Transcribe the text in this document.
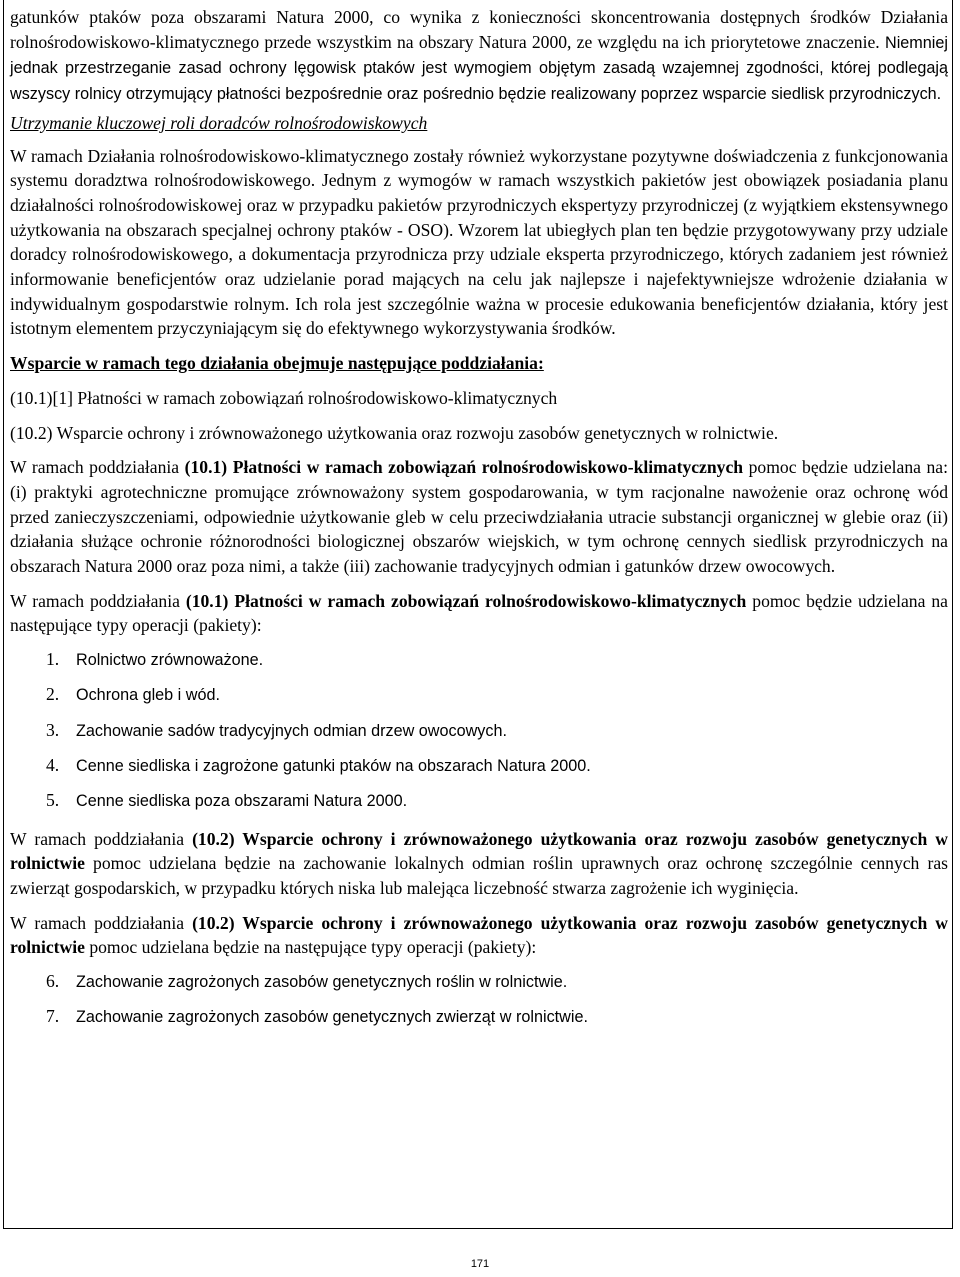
gatunków ptaków poza obszarami Natura 2000, co wynika z konieczności skoncentrowania dostępnych środków Działania rolnośrodowiskowo-klimatycznego przede wszystkim na obszary Natura 2000, ze względu na ich priorytetowe znaczenie. Niemniej jednak przestrzeganie zasad ochrony lęgowisk ptaków jest wymogiem objętym zasadą wzajemnej zgodności, której podlegają wszyscy rolnicy otrzymujący płatności bezpośrednie oraz pośrednio będzie realizowany poprzez wsparcie siedlisk przyrodniczych.

Utrzymanie kluczowej roli doradców rolnośrodowiskowych

W ramach Działania rolnośrodowiskowo-klimatycznego zostały również wykorzystane pozytywne doświadczenia z funkcjonowania systemu doradztwa rolnośrodowiskowego. Jednym z wymogów w ramach wszystkich pakietów jest obowiązek posiadania planu działalności rolnośrodowiskowej oraz w przypadku pakietów przyrodniczych ekspertyzy przyrodniczej (z wyjątkiem ekstensywnego użytkowania na obszarach specjalnej ochrony ptaków - OSO). Wzorem lat ubiegłych plan ten będzie przygotowywany przy udziale doradcy rolnośrodowiskowego, a dokumentacja przyrodnicza przy udziale eksperta przyrodniczego, których zadaniem jest również informowanie beneficjentów oraz udzielanie porad mających na celu jak najlepsze i najefektywniejsze wdrożenie działania w indywidualnym gospodarstwie rolnym. Ich rola jest szczególnie ważna w procesie edukowania beneficjentów działania, który jest istotnym elementem przyczyniającym się do efektywnego wykorzystywania środków.

Wsparcie w ramach tego działania obejmuje następujące poddziałania:

(10.1)[1] Płatności w ramach zobowiązań rolnośrodowiskowo-klimatycznych

(10.2) Wsparcie ochrony i zrównoważonego użytkowania oraz rozwoju zasobów genetycznych w rolnictwie.

W ramach poddziałania (10.1) Płatności w ramach zobowiązań rolnośrodowiskowo-klimatycznych pomoc będzie udzielana na: (i) praktyki agrotechniczne promujące zrównoważony system gospodarowania, w tym racjonalne nawożenie oraz ochronę wód przed zanieczyszczeniami, odpowiednie użytkowanie gleb w celu przeciwdziałania utracie substancji organicznej w glebie oraz (ii) działania służące ochronie różnorodności biologicznej obszarów wiejskich, w tym ochronę cennych siedlisk przyrodniczych na obszarach Natura 2000 oraz poza nimi, a także (iii) zachowanie tradycyjnych odmian i gatunków drzew owocowych.

W ramach poddziałania (10.1) Płatności w ramach zobowiązań rolnośrodowiskowo-klimatycznych pomoc będzie udzielana na następujące typy operacji (pakiety):

1. Rolnictwo zrównoważone.
2. Ochrona gleb i wód.
3. Zachowanie sadów tradycyjnych odmian drzew owocowych.
4. Cenne siedliska i zagrożone gatunki ptaków na obszarach Natura 2000.
5. Cenne siedliska poza obszarami Natura 2000.

W ramach poddziałania (10.2) Wsparcie ochrony i zrównoważonego użytkowania oraz rozwoju zasobów genetycznych w rolnictwie pomoc udzielana będzie na zachowanie lokalnych odmian roślin uprawnych oraz ochronę szczególnie cennych ras zwierząt gospodarskich, w przypadku których niska lub malejąca liczebność stwarza zagrożenie ich wyginięcia.

W ramach poddziałania (10.2) Wsparcie ochrony i zrównoważonego użytkowania oraz rozwoju zasobów genetycznych w rolnictwie pomoc udzielana będzie na następujące typy operacji (pakiety):

6. Zachowanie zagrożonych zasobów genetycznych roślin w rolnictwie.
7. Zachowanie zagrożonych zasobów genetycznych zwierząt w rolnictwie.
171
